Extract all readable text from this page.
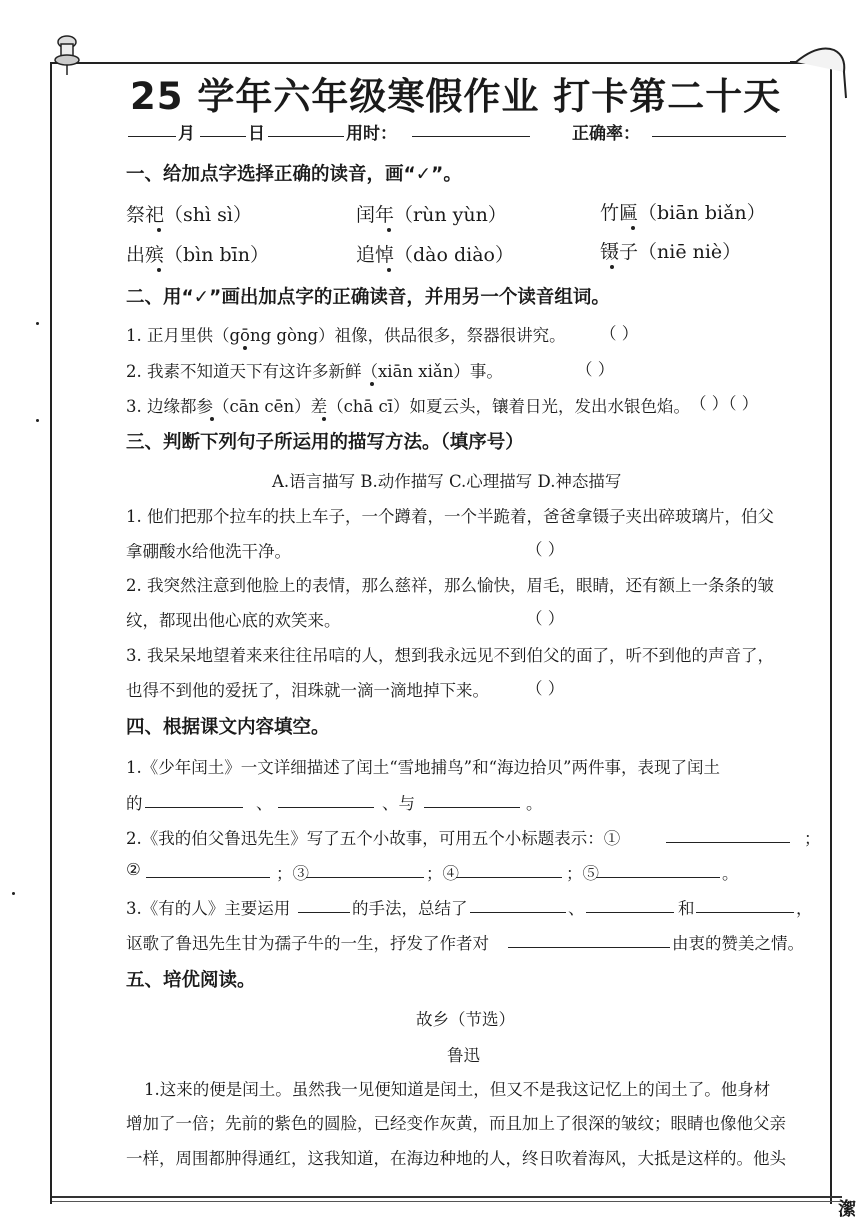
25 学年六年级寒假作业 打卡第二十天
月	日	用时：	正确率：
一、给加点字选择正确的读音，画“✓”。
祭祀（shì sì）	闰年（rùn yùn）	竹匾（biān biǎn）
出殡（bìn bīn）	追悼（dào diào）	镊子（niē niè）
二、用“✓”画出加点字的正确读音，并用另一个读音组词。
1. 正月里供（gōng gòng）祖像，供品很多，祭器很讲究。 （ ）
2. 我素不知道天下有这许多新鲜（xiān xiǎn）事。	（ ）
3. 边缘都参（cān cēn）差（chā cī）如夏云头，镶着日光，发出水银色焰。 （ ）（ ）
三、判断下列句子所运用的描写方法。（填序号）
A.语言描写 B.动作描写 C.心理描写 D.神态描写
1. 他们把那个拉车的扶上车子，一个蹲着，一个半跪着，爸爸拿镊子夹出碎玻璃片，伯父
拿硼酸水给他洗干净。	（ ）
2. 我突然注意到他脸上的表情，那么慈祥，那么愉快，眉毛，眼睛，还有额上一条条的皱
纹，都现出他心底的欢笑来。	（ ）
3. 我呆呆地望着来来往往吊唁的人，想到我永远见不到伯父的面了，听不到他的声音了，
也得不到他的爱抚了，泪珠就一滴一滴地掉下来。 （ ）
四、根据课文内容填空。
1.《少年闰土》一文详细描述了闰土“雪地捕鸟”和“海边拾贝”两件事，表现了闰土
的	、	、与	。
2.《我的伯父鲁迅先生》写了五个小故事，可用五个小标题表示：①	；
②	；③	；④	；⑤	。
3.《有的人》主要运用	的手法，总结了	、	和	，
讴歌了鲁迅先生甘为孺子牛的一生，抒发了作者对	由衷的赞美之情。
五、培优阅读。
故乡（节选）
鲁迅
1.这来的便是闰土。虽然我一见便知道是闰土，但又不是我这记忆上的闰土了。他身材
增加了一倍；先前的紫色的圆脸，已经变作灰黄，而且加上了很深的皱纹；眼睛也像他父亲
一样，周围都肿得通红，这我知道，在海边种地的人，终日吹着海风，大抵是这样的。他头
㵖
